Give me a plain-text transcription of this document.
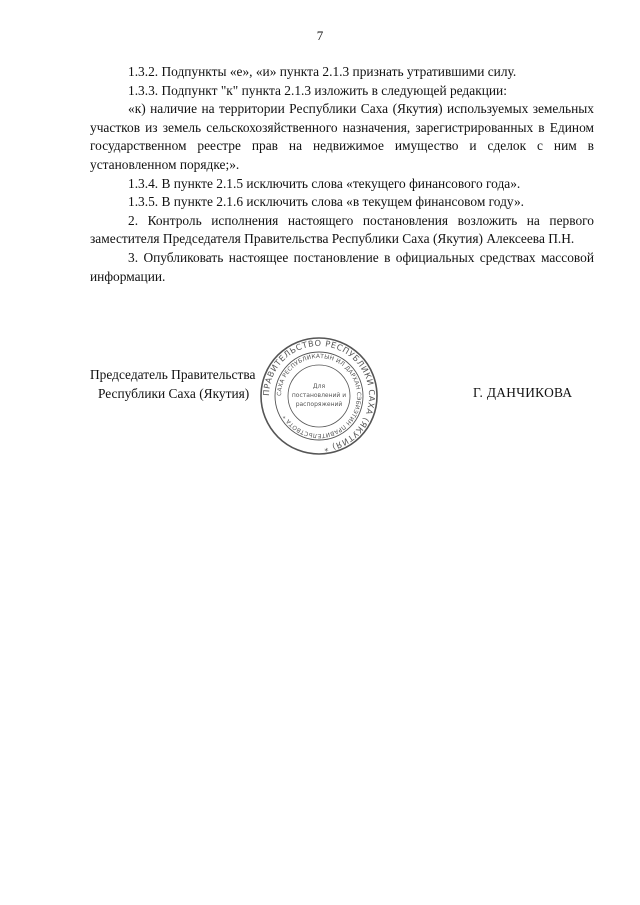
7

1.3.2. Подпункты «е», «и» пункта 2.1.3 признать утратившими силу.

1.3.3. Подпункт "к" пункта 2.1.3 изложить в следующей редакции:

«к) наличие на территории Республики Саха (Якутия) используемых земельных участков из земель сельскохозяйственного назначения, зарегистрированных в Едином государственном реестре прав на недвижимое имущество и сделок с ним в установленном порядке;».

1.3.4. В пункте 2.1.5 исключить слова «текущего финансового года».

1.3.5. В пункте 2.1.6 исключить слова «в текущем финансовом году».

2. Контроль исполнения настоящего постановления возложить на первого заместителя Председателя Правительства Республики Саха (Якутия) Алексеева П.Н.

3. Опубликовать настоящее постановление в официальных средствах массовой информации.

Председатель Правительства
Республики Саха (Якутия)	Г. ДАНЧИКОВА
ПРАВИТЕЛЬСТВО РЕСПУБЛИКИ САХА (ЯКУТИЯ) *
САХА РЕСПУБЛИКАТЫН ИЛ ДАРХАН СЭБИЭТИН ПРАВИТЕЛЬСТВОТА *
Для
постановлений и
распоряжений
